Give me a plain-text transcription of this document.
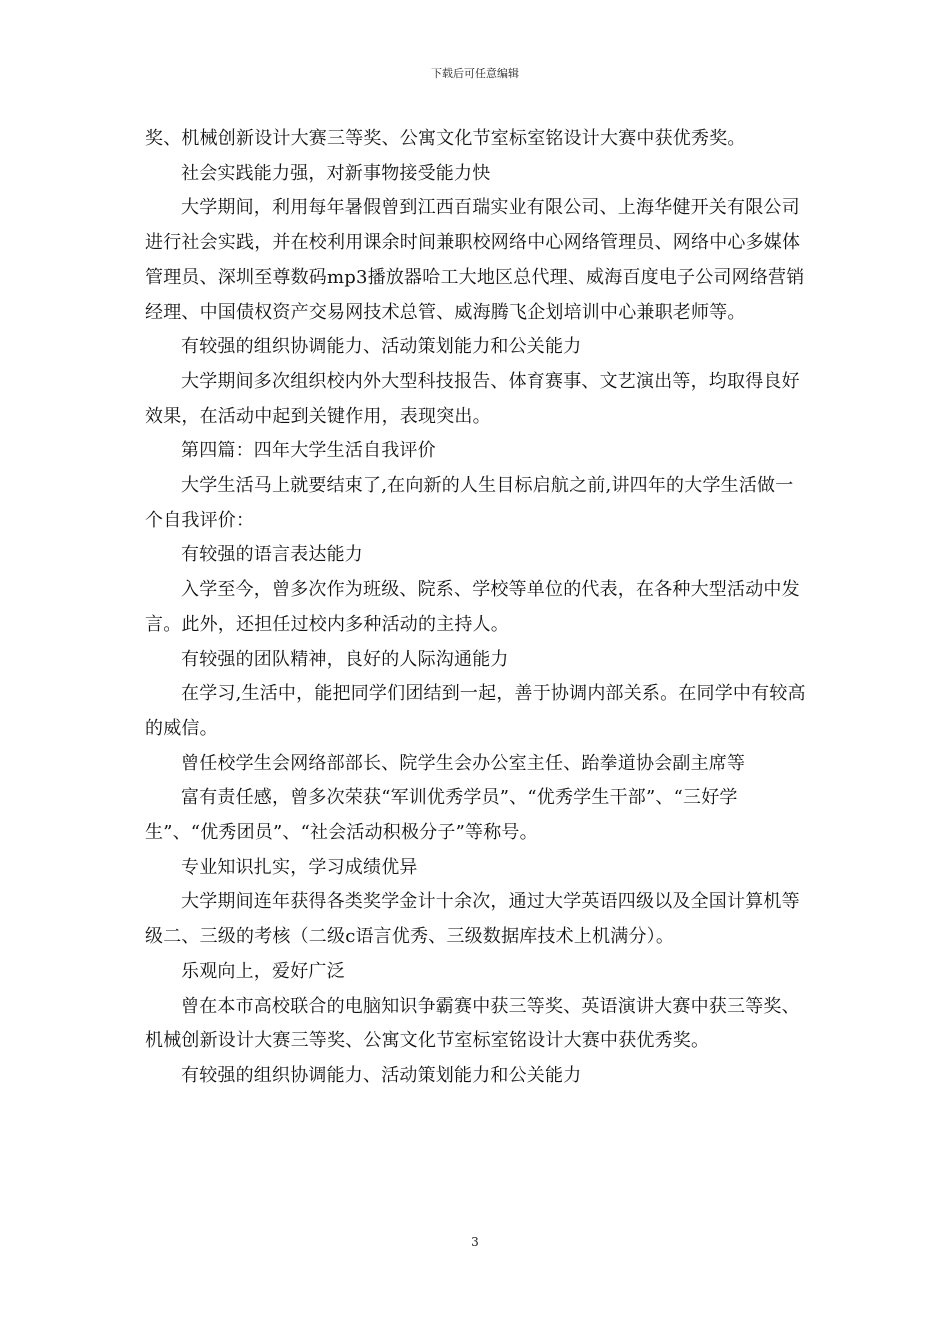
下载后可任意编辑

奖、机械创新设计大赛三等奖、公寓文化节室标室铭设计大赛中获优秀奖。

社会实践能力强，对新事物接受能力快

大学期间，利用每年暑假曾到江西百瑞实业有限公司、上海华健开关有限公司进行社会实践，并在校利用课余时间兼职校网络中心网络管理员、网络中心多媒体管理员、深圳至尊数码mp3播放器哈工大地区总代理、威海百度电子公司网络营销经理、中国债权资产交易网技术总管、威海腾飞企划培训中心兼职老师等。

有较强的组织协调能力、活动策划能力和公关能力

大学期间多次组织校内外大型科技报告、体育赛事、文艺演出等，均取得良好效果，在活动中起到关键作用，表现突出。

第四篇：四年大学生活自我评价

大学生活马上就要结束了,在向新的人生目标启航之前,讲四年的大学生活做一个自我评价：

有较强的语言表达能力

入学至今，曾多次作为班级、院系、学校等单位的代表，在各种大型活动中发言。此外，还担任过校内多种活动的主持人。

有较强的团队精神，良好的人际沟通能力

在学习,生活中，能把同学们团结到一起，善于协调内部关系。在同学中有较高的威信。

曾任校学生会网络部部长、院学生会办公室主任、跆拳道协会副主席等

富有责任感，曾多次荣获“军训优秀学员”、“优秀学生干部”、“三好学生”、“优秀团员”、“社会活动积极分子”等称号。

专业知识扎实，学习成绩优异

大学期间连年获得各类奖学金计十余次，通过大学英语四级以及全国计算机等级二、三级的考核（二级c语言优秀、三级数据库技术上机满分）。

乐观向上，爱好广泛

曾在本市高校联合的电脑知识争霸赛中获三等奖、英语演讲大赛中获三等奖、机械创新设计大赛三等奖、公寓文化节室标室铭设计大赛中获优秀奖。

有较强的组织协调能力、活动策划能力和公关能力

3
